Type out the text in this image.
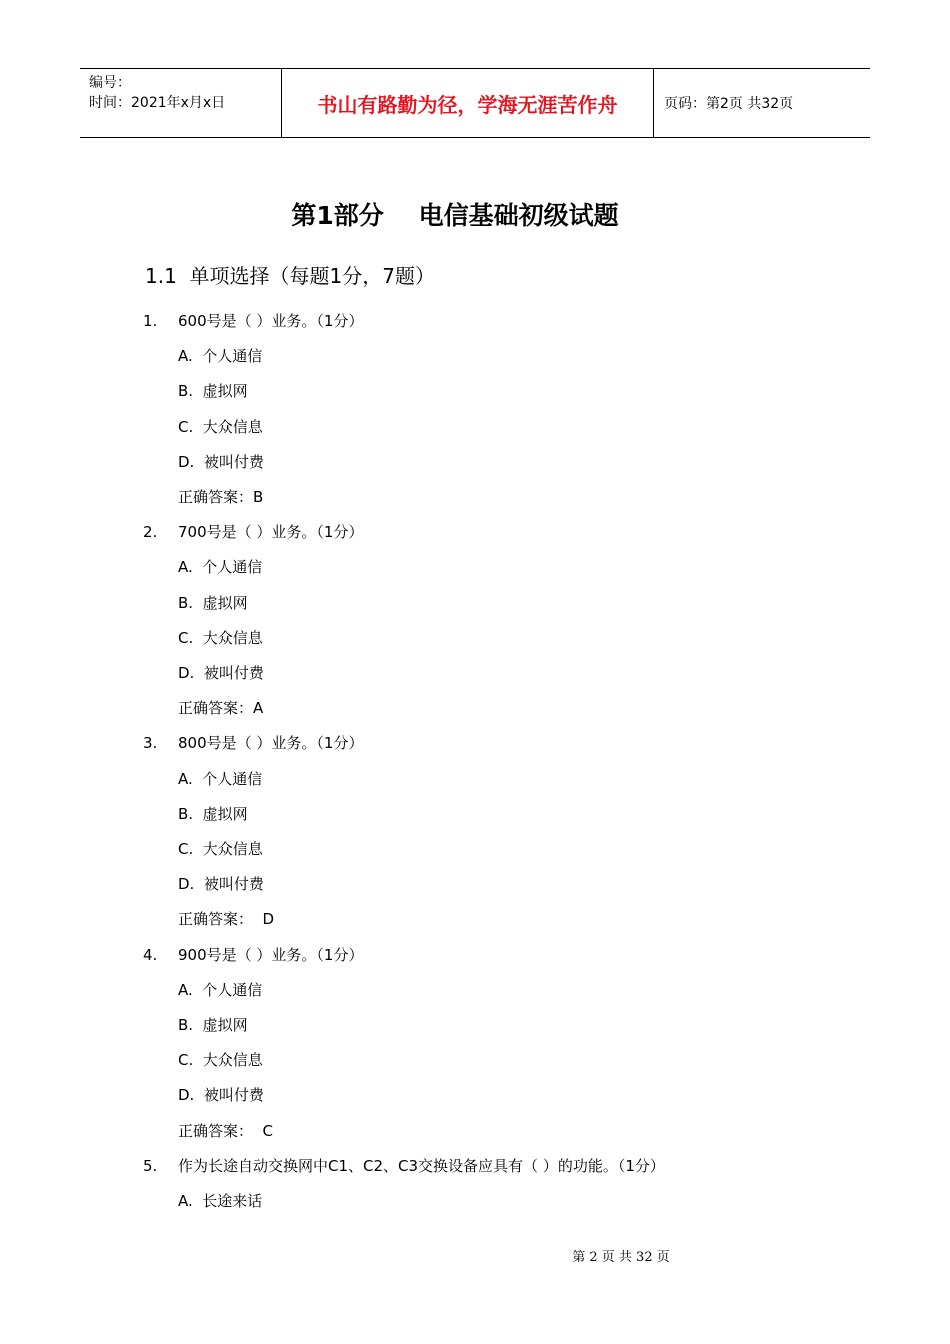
编号：
时间：2021年x月x日	书山有路勤为径，学海无涯苦作舟	页码：第2页 共32页
第1部分    电信基础初级试题
1.1  单项选择（每题1分，7题）
1. 600号是（ ）业务。（1分）
A.  个人通信
B.  虚拟网
C.  大众信息
D.  被叫付费
正确答案：B
2. 700号是（ ）业务。（1分）
A.  个人通信
B.  虚拟网
C.  大众信息
D.  被叫付费
正确答案：A
3. 800号是（ ）业务。（1分）
A.  个人通信
B.  虚拟网
C.  大众信息
D.  被叫付费
正确答案：  D
4. 900号是（ ）业务。（1分）
A.  个人通信
B.  虚拟网
C.  大众信息
D.  被叫付费
正确答案：  C
5. 作为长途自动交换网中C1、C2、C3交换设备应具有（ ）的功能。（1分）
A.  长途来话
第 2 页 共 32 页
